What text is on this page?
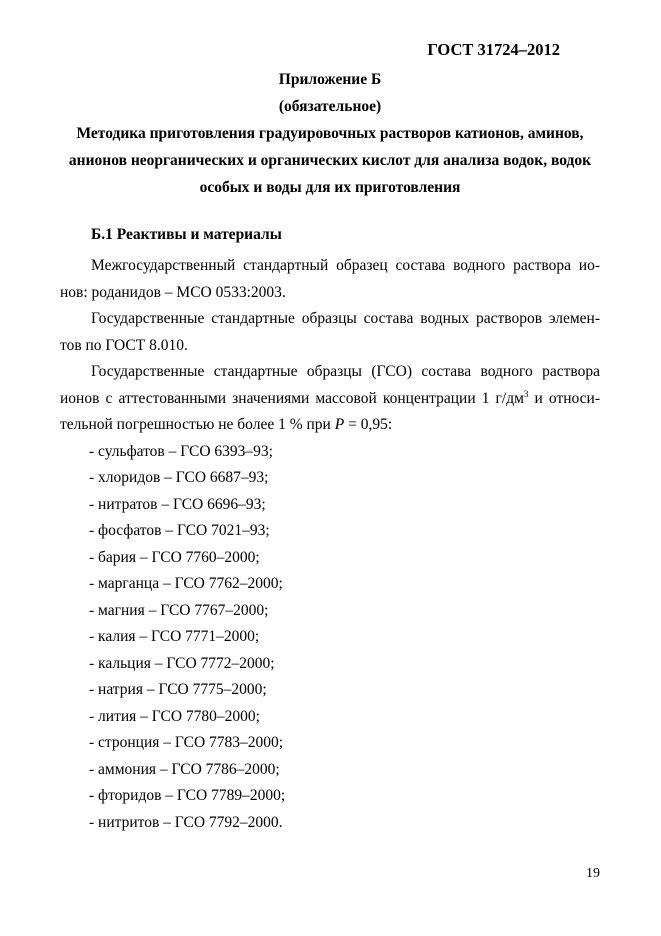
ГОСТ 31724–2012
Приложение Б
(обязательное)
Методика приготовления градуировочных растворов катионов, аминов,
анионов неорганических и органических кислот для анализа водок, водок
особых и воды для их приготовления
Б.1 Реактивы и материалы
Межгосударственный стандартный образец состава водного раствора ио-
нов: роданидов – МСО 0533:2003.
Государственные стандартные образцы состава водных растворов элемен-
тов по ГОСТ 8.010.
Государственные стандартные образцы (ГСО) состава водного раствора
ионов с аттестованными значениями массовой концентрации 1 $г/дм^3$ и относи-
тельной погрешностью не более 1 % при P = 0,95:
- сульфатов – ГСО 6393–93;
- хлоридов – ГСО 6687–93;
- нитратов – ГСО 6696–93;
- фосфатов – ГСО 7021–93;
- бария – ГСО 7760–2000;
- марганца – ГСО 7762–2000;
- магния – ГСО 7767–2000;
- калия – ГСО 7771–2000;
- кальция – ГСО 7772–2000;
- натрия – ГСО 7775–2000;
- лития – ГСО 7780–2000;
- стронция – ГСО 7783–2000;
- аммония – ГСО 7786–2000;
- фторидов – ГСО 7789–2000;
- нитритов – ГСО 7792–2000.
19
